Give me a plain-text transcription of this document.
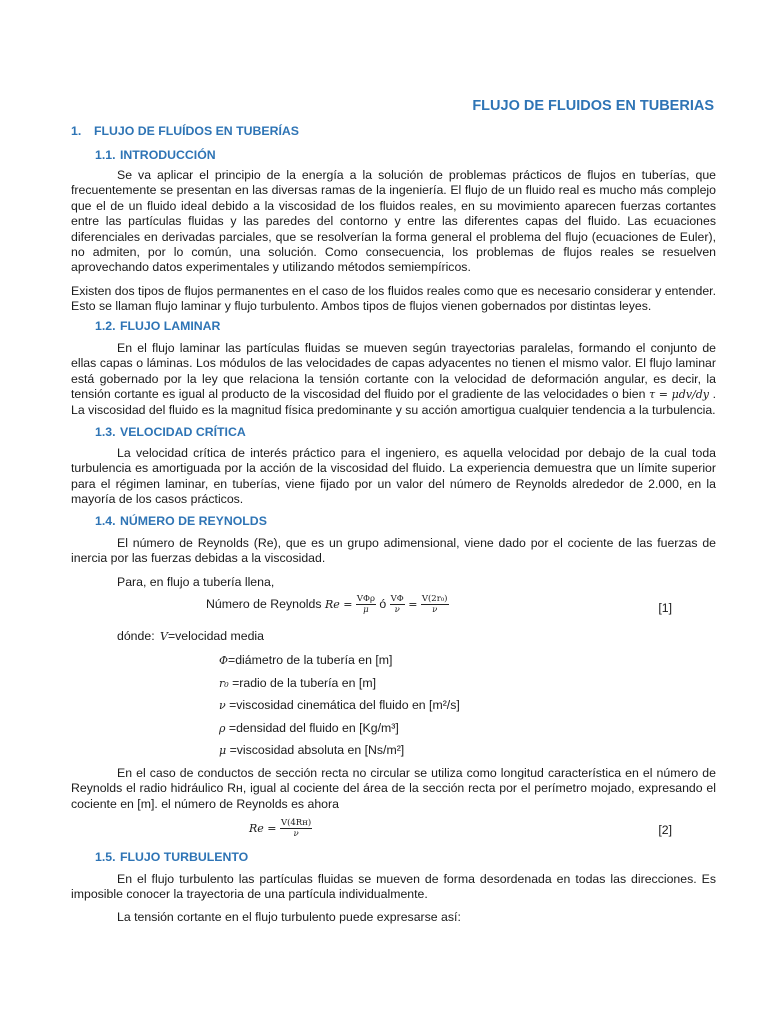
FLUJO DE FLUIDOS EN TUBERIAS
1. FLUJO DE FLUÍDOS EN TUBERÍAS
1.1. INTRODUCCIÓN

Se va aplicar el principio de la energía a la solución de problemas prácticos de flujos en tuberías, que frecuentemente se presentan en las diversas ramas de la ingeniería. El flujo de un fluido real es mucho más complejo que el de un fluido ideal debido a la viscosidad de los fluidos reales, en su movimiento aparecen fuerzas cortantes entre las partículas fluidas y las paredes del contorno y entre las diferentes capas del fluido. Las ecuaciones diferenciales en derivadas parciales, que se resolverían la forma general el problema del flujo (ecuaciones de Euler), no admiten, por lo común, una solución. Como consecuencia, los problemas de flujos reales se resuelven aprovechando datos experimentales y utilizando métodos semiempíricos.

Existen dos tipos de flujos permanentes en el caso de los fluidos reales como que es necesario considerar y entender. Esto se llaman flujo laminar y flujo turbulento. Ambos tipos de flujos vienen gobernados por distintas leyes.

1.2. FLUJO LAMINAR

En el flujo laminar las partículas fluidas se mueven según trayectorias paralelas, formando el conjunto de ellas capas o láminas. Los módulos de las velocidades de capas adyacentes no tienen el mismo valor. El flujo laminar está gobernado por la ley que relaciona la tensión cortante con la velocidad de deformación angular, es decir, la tensión cortante es igual al producto de la viscosidad del fluido por el gradiente de las velocidades o bien τ = μdv/dy . La viscosidad del fluido es la magnitud física predominante y su acción amortigua cualquier tendencia a la turbulencia.

1.3. VELOCIDAD CRÍTICA

La velocidad crítica de interés práctico para el ingeniero, es aquella velocidad por debajo de la cual toda turbulencia es amortiguada por la acción de la viscosidad del fluido. La experiencia demuestra que un límite superior para el régimen laminar, en tuberías, viene fijado por un valor del número de Reynolds alrededor de 2.000, en la mayoría de los casos prácticos.

1.4. NÚMERO DE REYNOLDS

El número de Reynolds (Re), que es un grupo adimensional, viene dado por el cociente de las fuerzas de inercia por las fuerzas debidas a la viscosidad.

Para, en flujo a tubería llena,
Número de Reynolds $Re = \frac{\text{VΦρ}}{\mu}$ ó $\frac{V\Phi}{\nu} = \frac{\text{V(2r₀)}}{\nu}$	[1]
dónde: V=velocidad media
Φ=diámetro de la tubería en [m]
r₀ =radio de la tubería en [m]
ν =viscosidad cinemática del fluido en [m²/s]
ρ =densidad del fluido en [Kg/m³]
μ =viscosidad absoluta en [Ns/m²]

En el caso de conductos de sección recta no circular se utiliza como longitud característica en el número de Reynolds el radio hidráulico Rн, igual al cociente del área de la sección recta por el perímetro mojado, expresando el cociente en [m]. el número de Reynolds es ahora

$Re = \frac{V(4Rн)}{\nu}$	[2]
1.5. FLUJO TURBULENTO

En el flujo turbulento las partículas fluidas se mueven de forma desordenada en todas las direcciones. Es imposible conocer la trayectoria de una partícula individualmente.

La tensión cortante en el flujo turbulento puede expresarse así:
